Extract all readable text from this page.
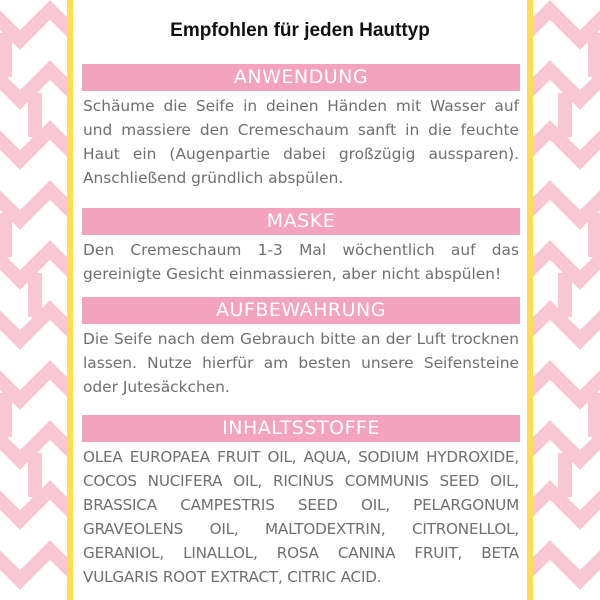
Empfohlen für jeden Hauttyp
ANWENDUNG
Schäume die Seife in deinen Händen mit Wasser auf und massiere den Cremeschaum sanft in die feuchte Haut ein (Augenpartie dabei großzügig aussparen). Anschließend gründlich abspülen.
MASKE
Den Cremeschaum 1-3 Mal wöchentlich auf das gereinigte Gesicht einmassieren, aber nicht abspülen!
AUFBEWAHRUNG
Die Seife nach dem Gebrauch bitte an der Luft trocknen lassen. Nutze hierfür am besten unsere Seifensteine oder Jutesäckchen.
INHALTSSTOFFE
OLEA EUROPAEA FRUIT OIL, AQUA, SODIUM HYDROXIDE, COCOS NUCIFERA OIL, RICINUS COMMUNIS SEED OIL, BRASSICA CAMPESTRIS SEED OIL, PELARGONUM GRAVEOLENS OIL, MALTODEXTRIN, CITRONELLOL, GERANIOL, LINALLOL, ROSA CANINA FRUIT, BETA VULGARIS ROOT EXTRACT, CITRIC ACID.
